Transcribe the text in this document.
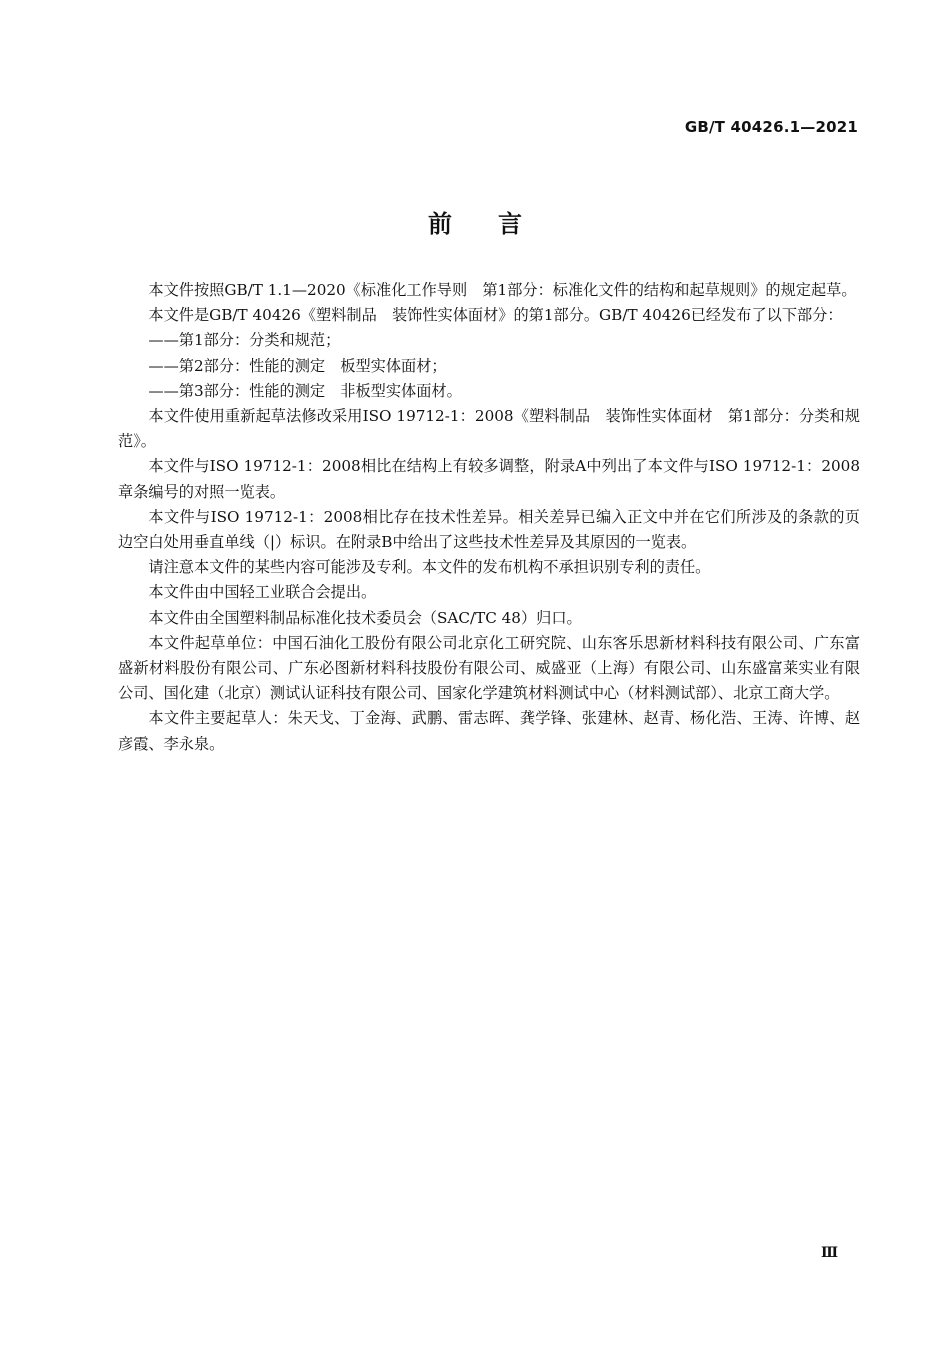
GB/T 40426.1—2021
前言

本文件按照GB/T 1.1—2020《标准化工作导则　第1部分：标准化文件的结构和起草规则》的规定起草。

本文件是GB/T 40426《塑料制品　装饰性实体面材》的第1部分。GB/T 40426已经发布了以下部分：

——第1部分：分类和规范；

——第2部分：性能的测定　板型实体面材；

——第3部分：性能的测定　非板型实体面材。

本文件使用重新起草法修改采用ISO 19712-1：2008《塑料制品　装饰性实体面材　第1部分：分类和规范》。

本文件与ISO 19712-1：2008相比在结构上有较多调整，附录A中列出了本文件与ISO 19712-1：2008章条编号的对照一览表。

本文件与ISO 19712-1：2008相比存在技术性差异。相关差异已编入正文中并在它们所涉及的条款的页边空白处用垂直单线（|）标识。在附录B中给出了这些技术性差异及其原因的一览表。

请注意本文件的某些内容可能涉及专利。本文件的发布机构不承担识别专利的责任。

本文件由中国轻工业联合会提出。

本文件由全国塑料制品标准化技术委员会（SAC/TC 48）归口。

本文件起草单位：中国石油化工股份有限公司北京化工研究院、山东客乐思新材料科技有限公司、广东富盛新材料股份有限公司、广东必图新材料科技股份有限公司、威盛亚（上海）有限公司、山东盛富莱实业有限公司、国化建（北京）测试认证科技有限公司、国家化学建筑材料测试中心（材料测试部）、北京工商大学。

本文件主要起草人：朱天戈、丁金海、武鹏、雷志晖、龚学锋、张建林、赵青、杨化浩、王涛、许博、赵彦霞、李永泉。

Ⅲ
